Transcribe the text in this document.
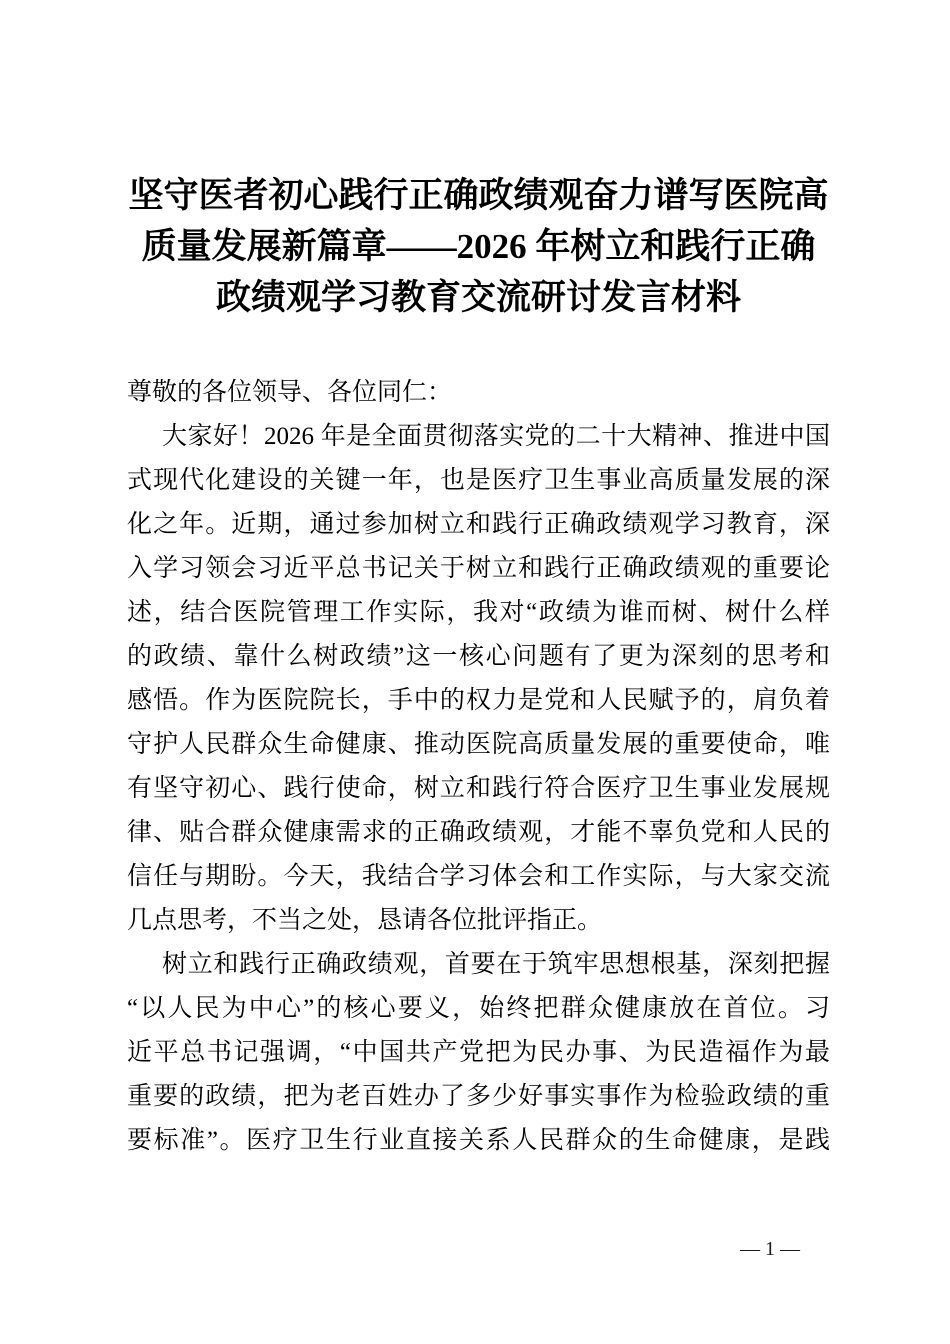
坚守医者初心践行正确政绩观奋力谱写医院高
质量发展新篇章——2026 年树立和践行正确
政绩观学习教育交流研讨发言材料
尊敬的各位领导、各位同仁：
大家好！2026 年是全面贯彻落实党的二十大精神、推进中国
式现代化建设的关键一年，也是医疗卫生事业高质量发展的深
化之年。近期，通过参加树立和践行正确政绩观学习教育，深
入学习领会习近平总书记关于树立和践行正确政绩观的重要论
述，结合医院管理工作实际，我对“政绩为谁而树、树什么样
的政绩、靠什么树政绩”这一核心问题有了更为深刻的思考和
感悟。作为医院院长，手中的权力是党和人民赋予的，肩负着
守护人民群众生命健康、推动医院高质量发展的重要使命，唯
有坚守初心、践行使命，树立和践行符合医疗卫生事业发展规
律、贴合群众健康需求的正确政绩观，才能不辜负党和人民的
信任与期盼。今天，我结合学习体会和工作实际，与大家交流
几点思考，不当之处，恳请各位批评指正。
树立和践行正确政绩观，首要在于筑牢思想根基，深刻把握
“以人民为中心”的核心要义，始终把群众健康放在首位。习
近平总书记强调，“中国共产党把为民办事、为民造福作为最
重要的政绩，把为老百姓办了多少好事实事作为检验政绩的重
要标准”。医疗卫生行业直接关系人民群众的生命健康，是践
— 1 —
